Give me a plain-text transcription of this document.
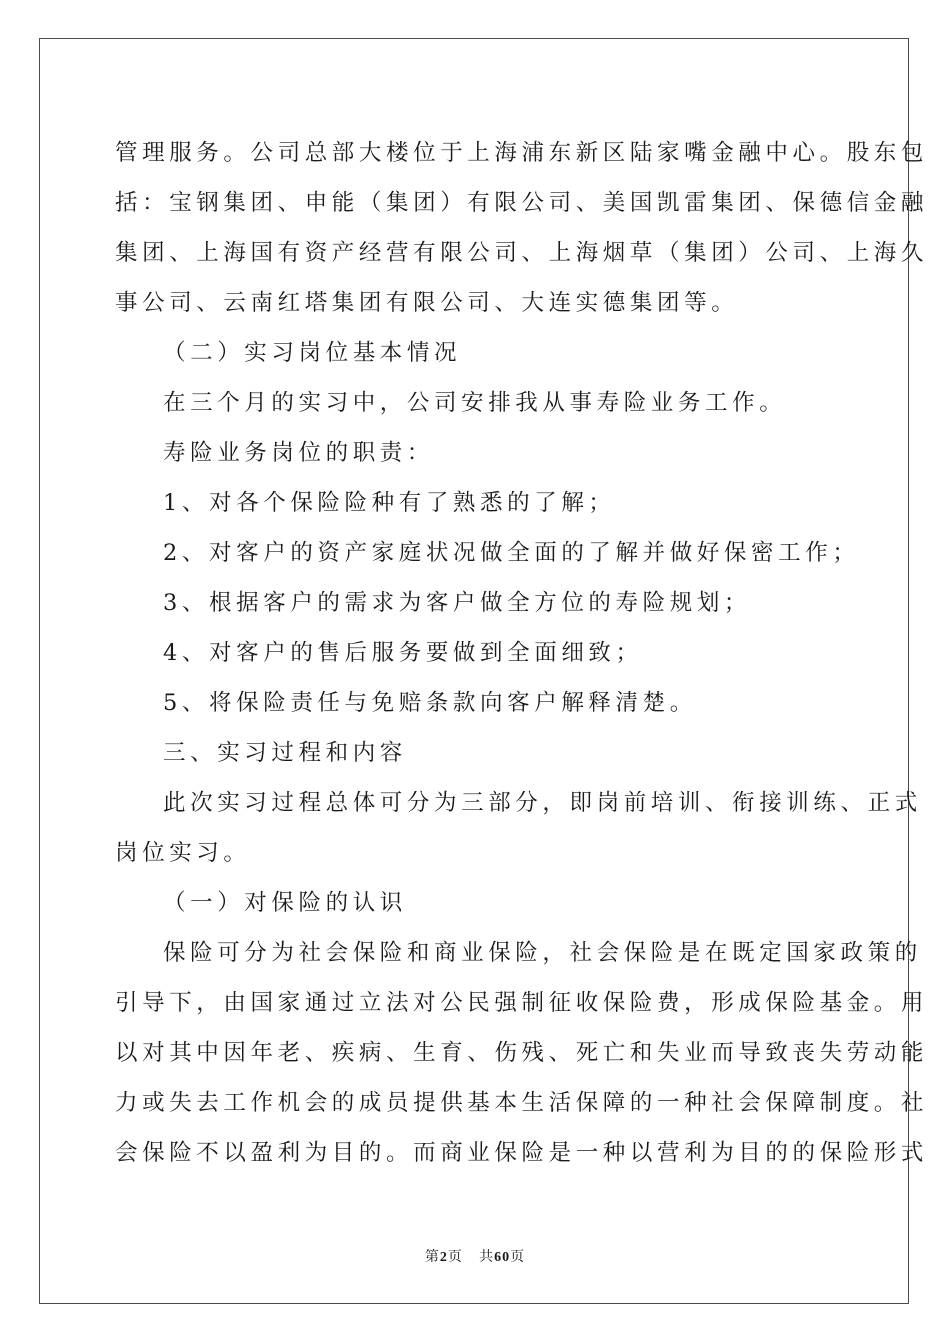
管理服务。公司总部大楼位于上海浦东新区陆家嘴金融中心。股东包
括：宝钢集团、申能（集团）有限公司、美国凯雷集团、保德信金融
集团、上海国有资产经营有限公司、上海烟草（集团）公司、上海久
事公司、云南红塔集团有限公司、大连实德集团等。
（二）实习岗位基本情况
在三个月的实习中，公司安排我从事寿险业务工作。
寿险业务岗位的职责：
1、对各个保险险种有了熟悉的了解；
2、对客户的资产家庭状况做全面的了解并做好保密工作；
3、根据客户的需求为客户做全方位的寿险规划；
4、对客户的售后服务要做到全面细致；
5、将保险责任与免赔条款向客户解释清楚。
三、实习过程和内容
此次实习过程总体可分为三部分，即岗前培训、衔接训练、正式
岗位实习。
（一）对保险的认识
保险可分为社会保险和商业保险，社会保险是在既定国家政策的
引导下，由国家通过立法对公民强制征收保险费，形成保险基金。用
以对其中因年老、疾病、生育、伤残、死亡和失业而导致丧失劳动能
力或失去工作机会的成员提供基本生活保障的一种社会保障制度。社
会保险不以盈利为目的。而商业保险是一种以营利为目的的保险形式
第2页 共60页
